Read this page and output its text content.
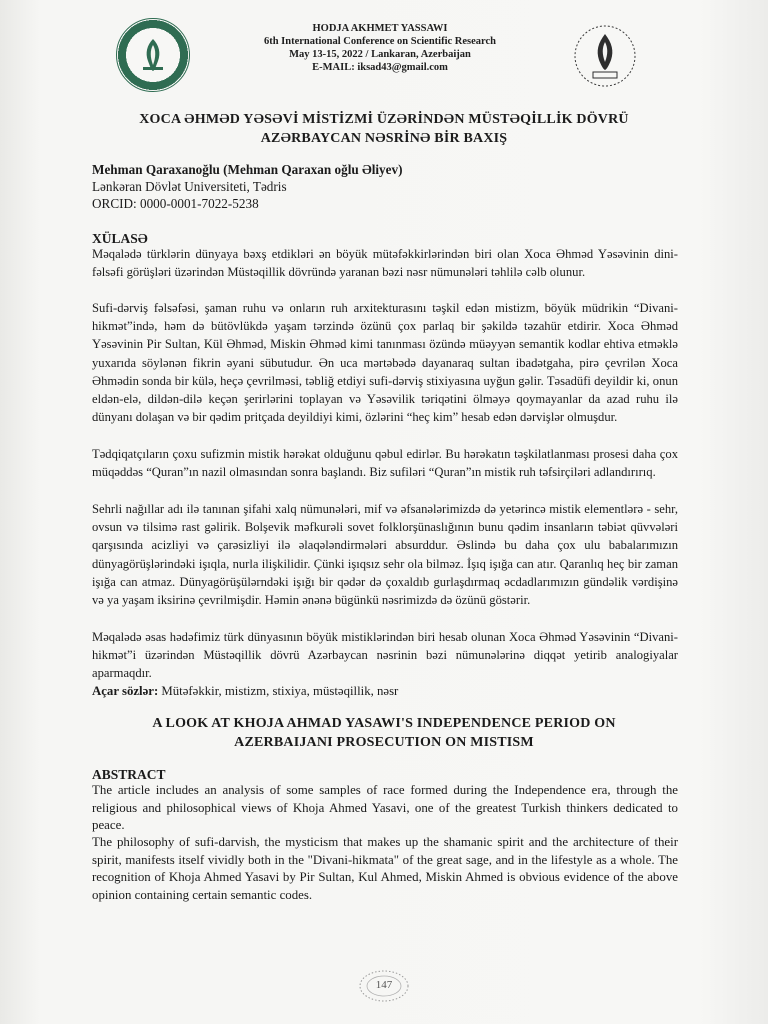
HODJA AKHMET YASSAWI
6th International Conference on Scientific Research
May 13-15, 2022 / Lankaran, Azerbaijan
E-MAIL: iksad43@gmail.com
XOCA ƏHMƏD YƏSƏVİ MİSTİZMİ ÜZƏRİNDƏN MÜSTƏQİLLİK DÖVRÜ
AZƏRBAYCAN NƏSRİNƏ BİR BAXIŞ
Mehman Qaraxanoğlu (Mehman Qaraxan oğlu Əliyev)
Lənkəran Dövlət Universiteti, Tədris
ORCID: 0000-0001-7022-5238
XÜLASƏ
Məqalədə türklərin dünyaya bəxş etdikləri ən böyük mütəfəkkirlərindən biri olan Xoca Əhməd Yəsəvinin dini-fəlsəfi görüşləri üzərindən Müstəqillik dövründə yaranan bəzi nəsr nümunələri təhlilə cəlb olunur.
Sufi-dərviş fəlsəfəsi, şaman ruhu və onların ruh arxitekturasını təşkil edən mistizm, böyük müdrikin “Divani-hikmət”ində, həm də bütövlükdə yaşam tərzində özünü çox parlaq bir şəkildə təzahür etdirir. Xoca Əhməd Yəsəvinin Pir Sultan, Kül Əhməd, Miskin Əhməd kimi tanınması özündə müəyyən semantik kodlar ehtiva etməklə yuxarıda söylənən fikrin əyani sübutudur. Ən uca mərtəbədə dayanaraq sultan ibadətgaha, pirə çevrilən Xoca Əhmədin sonda bir külə, heçə çevrilməsi, təbliğ etdiyi sufi-dərviş stixiyasına uyğun gəlir. Təsadüfi deyildir ki, onun eldən-elə, dildən-dilə keçən şerirlərini toplayan və Yəsəvilik təriqətini ölməyə qoymayanlar da azad ruhu ilə dünyanı dolaşan və bir qədim pritçada deyildiyi kimi, özlərini “heç kim” hesab edən dərvişlər olmuşdur.
Tədqiqatçıların çoxu sufizmin mistik hərəkat olduğunu qəbul edirlər. Bu hərəkatın təşkilatlanması prosesi daha çox müqəddəs “Quran”ın nazil olmasından sonra başlandı. Biz sufiləri “Quran”ın mistik ruh təfsirçiləri adlandırırıq.
Sehrli nağıllar adı ilə tanınan şifahi xalq nümunələri, mif və əfsanələrimizdə də yetərincə mistik elementlərə - sehr, ovsun və tilsimə rast gəlirik. Bolşevik məfkurəli sovet folklorşünaslığının bunu qədim insanların təbiət qüvvələri qarşısında acizliyi və çarəsizliyi ilə əlaqələndirmələri absurddur. Əslində bu daha çox ulu babalarımızın dünyagörüşlərindəki işıqla, nurla ilişkilidir. Çünki işıqsız sehr ola bilməz. İşıq işığa can atır. Qaranlıq heç bir zaman işığa can atmaz. Dünyagörüşülərndəki işığı bir qədər də çoxaldıb gurlaşdırmaq əcdadlarımızın gündəlik vərdişinə və ya yaşam iksirinə çevrilmişdir. Həmin ənənə bügünkü nəsrimizdə də özünü göstərir.
Məqalədə əsas hədəfimiz türk dünyasının böyük mistiklərindən biri hesab olunan Xoca Əhməd Yəsəvinin “Divani-hikmət”i üzərindən Müstəqillik dövrü Azərbaycan nəsrinin bəzi nümunələrinə diqqət yetirib analogiyalar aparmaqdır.
Açar sözlər: Mütəfəkkir, mistizm, stixiya, müstəqillik, nəsr
A LOOK AT KHOJA AHMAD YASAWI'S INDEPENDENCE PERIOD ON
AZERBAIJANI PROSECUTION ON MISTISM
ABSTRACT
The article includes an analysis of some samples of race formed during the Independence era, through the religious and philosophical views of Khoja Ahmed Yasavi, one of the greatest Turkish thinkers dedicated to peace.
The philosophy of sufi-darvish, the mysticism that makes up the shamanic spirit and the architecture of their spirit, manifests itself vividly both in the "Divani-hikmata" of the great sage, and in the lifestyle as a whole. The recognition of Khoja Ahmed Yasavi by Pir Sultan, Kul Ahmed, Miskin Ahmed is obvious evidence of the above opinion containing certain semantic codes.
147
